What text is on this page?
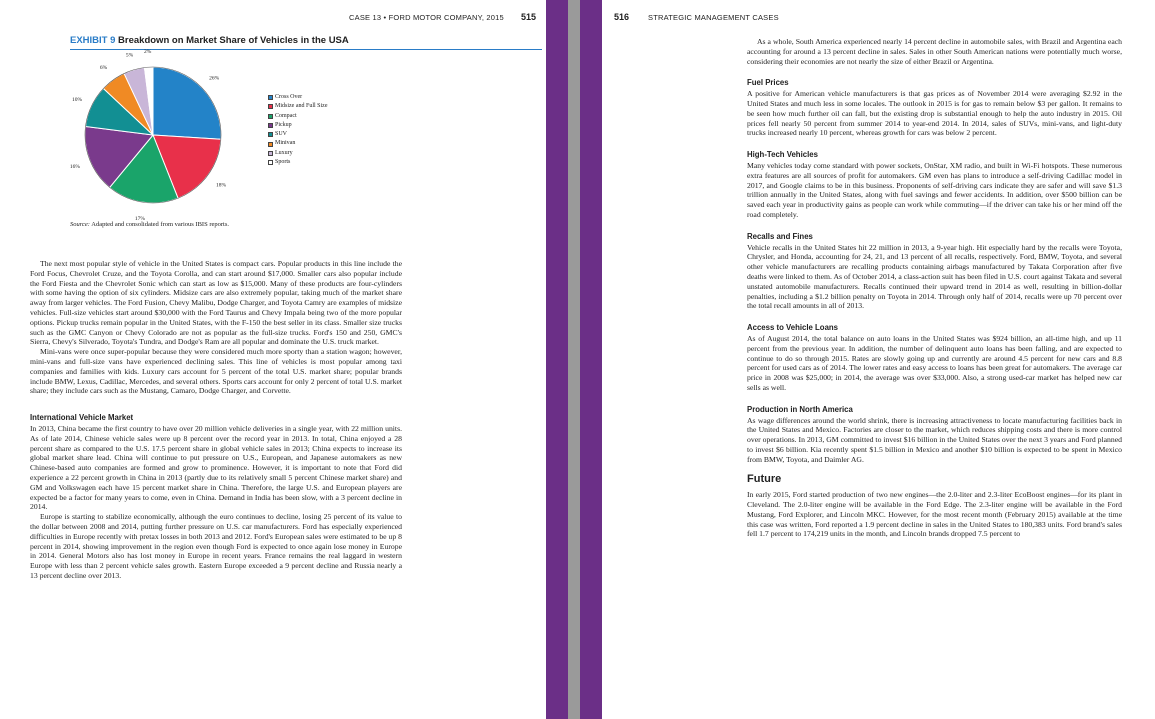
CASE 13 • FORD MOTOR COMPANY, 2015 515
EXHIBIT 9 Breakdown on Market Share of Vehicles in the USA
26%
18%
17%
16%
10%
6%
5%
2%
Cross Over
Midsize and Full Size
Compact
Pickup
SUV
Minivan
Luxury
Sports
Source: Adapted and consolidated from various IBIS reports.

The next most popular style of vehicle in the United States is compact cars. Popular products in this line include the Ford Focus, Chevrolet Cruze, and the Toyota Corolla, and can start around $17,000. Smaller cars also popular include the Ford Fiesta and the Chevrolet Sonic which can start as low as $15,000. Many of these products are four-cylinders with some having the option of six cylinders. Midsize cars are also extremely popular, taking much of the market share away from larger vehicles. The Ford Fusion, Chevy Malibu, Dodge Charger, and Toyota Camry are examples of midsize vehicles. Full-size vehicles start around $30,000 with the Ford Taurus and Chevy Impala being two of the more popular options. Pickup trucks remain popular in the United States, with the F-150 the best seller in its class. Smaller size trucks such as the GMC Canyon or Chevy Colorado are not as popular as the full-size trucks. Ford's 150 and 250, GMC's Sierra, Chevy's Silverado, Toyota's Tundra, and Dodge's Ram are all popular and dominate the U.S. truck market.

Mini-vans were once super-popular because they were considered much more sporty than a station wagon; however, mini-vans and full-size vans have experienced declining sales. This line of vehicles is most popular among taxi companies and families with kids. Luxury cars account for 5 percent of the total U.S. market share; popular brands include BMW, Lexus, Cadillac, Mercedes, and several others. Sports cars account for only 2 percent of total U.S. market share; they include cars such as the Mustang, Camaro, Dodge Charger, and Corvette.

International Vehicle Market

In 2013, China became the first country to have over 20 million vehicle deliveries in a single year, with 22 million units. As of late 2014, Chinese vehicle sales were up 8 percent over the record year in 2013. In total, China enjoyed a 28 percent share as compared to the U.S. 17.5 percent share in global vehicle sales in 2013; China expects to increase its global market share lead. China will continue to put pressure on U.S., European, and Japanese automakers as new Chinese-based auto companies are formed and grow to prominence. However, it is important to note that Ford did experience a 22 percent growth in China in 2013 (partly due to its relatively small 5 percent Chinese market share) and GM and Volkswagen each have 15 percent market share in China. Therefore, the large U.S. and European players are expected be a factor for many years to come, even in China. Demand in India has been slow, with a 3 percent decline in 2014.

Europe is starting to stabilize economically, although the euro continues to decline, losing 25 percent of its value to the dollar between 2008 and 2014, putting further pressure on U.S. car manufacturers. Ford has especially experienced difficulties in Europe recently with pretax losses in both 2013 and 2012. Ford's European sales were estimated to be up 8 percent in 2014, showing improvement in the region even though Ford is expected to once again lose money in Europe in 2014. General Motors also has lost money in Europe in recent years. France remains the real laggard in western Europe with less than 2 percent vehicle sales growth. Eastern Europe exceeded a 9 percent decline and Russia nearly a 13 percent decline over 2013.

516	STRATEGIC MANAGEMENT CASES

As a whole, South America experienced nearly 14 percent decline in automobile sales, with Brazil and Argentina each accounting for around a 13 percent decline in sales. Sales in other South American nations were potentially much worse, considering their economies are not nearly the size of either Brazil or Argentina.

Fuel Prices

A positive for American vehicle manufacturers is that gas prices as of November 2014 were averaging $2.92 in the United States and much less in some locales. The outlook in 2015 is for gas to remain below $3 per gallon. It remains to be seen how much further oil can fall, but the existing drop is substantial enough to help the auto industry in 2015. Oil prices fell nearly 50 percent from summer 2014 to year-end 2014. In 2014, sales of SUVs, mini-vans, and light-duty trucks increased nearly 10 percent, whereas growth for cars was below 2 percent.

High-Tech Vehicles

Many vehicles today come standard with power sockets, OnStar, XM radio, and built in Wi-Fi hotspots. These numerous extra features are all sources of profit for automakers. GM even has plans to introduce a self-driving Cadillac model in 2017, and Google claims to be in this business. Proponents of self-driving cars indicate they are safer and will save $1.3 trillion annually in the United States, along with fuel savings and fewer accidents. In addition, over $500 billion can be saved each year in productivity gains as people can work while commuting—if the driver can take his or her mind off the road completely.

Recalls and Fines

Vehicle recalls in the United States hit 22 million in 2013, a 9-year high. Hit especially hard by the recalls were Toyota, Chrysler, and Honda, accounting for 24, 21, and 13 percent of all recalls, respectively. Ford, BMW, Toyota, and several other vehicle manufacturers are recalling products containing airbags manufactured by Takata Corporation after five deaths were linked to them. As of October 2014, a class-action suit has been filed in U.S. court against Takata and several unstated automobile manufacturers. Recalls continued their upward trend in 2014 as well, resulting in billion-dollar penalties, including a $1.2 billion penalty on Toyota in 2014. Through only half of 2014, recalls were up 70 percent over the total recall amounts in all of 2013.

Access to Vehicle Loans

As of August 2014, the total balance on auto loans in the United States was $924 billion, an all-time high, and up 11 percent from the previous year. In addition, the number of delinquent auto loans has been falling, and are expected to continue to do so through 2015. Rates are slowly going up and currently are around 4.5 percent for new cars and 8.8 percent for used cars as of 2014. The lower rates and easy access to loans has been great for automakers. The average car price in 2008 was $25,000; in 2014, the average was over $33,000. Also, a strong used-car market has helped new car sells as well.

Production in North America

As wage differences around the world shrink, there is increasing attractiveness to locate manufacturing facilities back in the United States and Mexico. Factories are closer to the market, which reduces shipping costs and there is more control over operations. In 2013, GM committed to invest $16 billion in the United States over the next 3 years and Ford planned to invest $6 billion. Kia recently spent $1.5 billion in Mexico and another $10 billion is expected to be spent in Mexico from BMW, Toyota, and Daimler AG.

Future

In early 2015, Ford started production of two new engines—the 2.0-liter and 2.3-liter EcoBoost engines—for its plant in Cleveland. The 2.0-liter engine will be available in the Ford Edge. The 2.3-liter engine will be available in the Ford Mustang, Ford Explorer, and Lincoln MKC. However, for the most recent month (February 2015) available at the time this case was written, Ford reported a 1.9 percent decline in sales in the United States to 180,383 units. Ford brand's sales fell 1.7 percent to 174,219 units in the month, and Lincoln brands dropped 7.5 percent to
